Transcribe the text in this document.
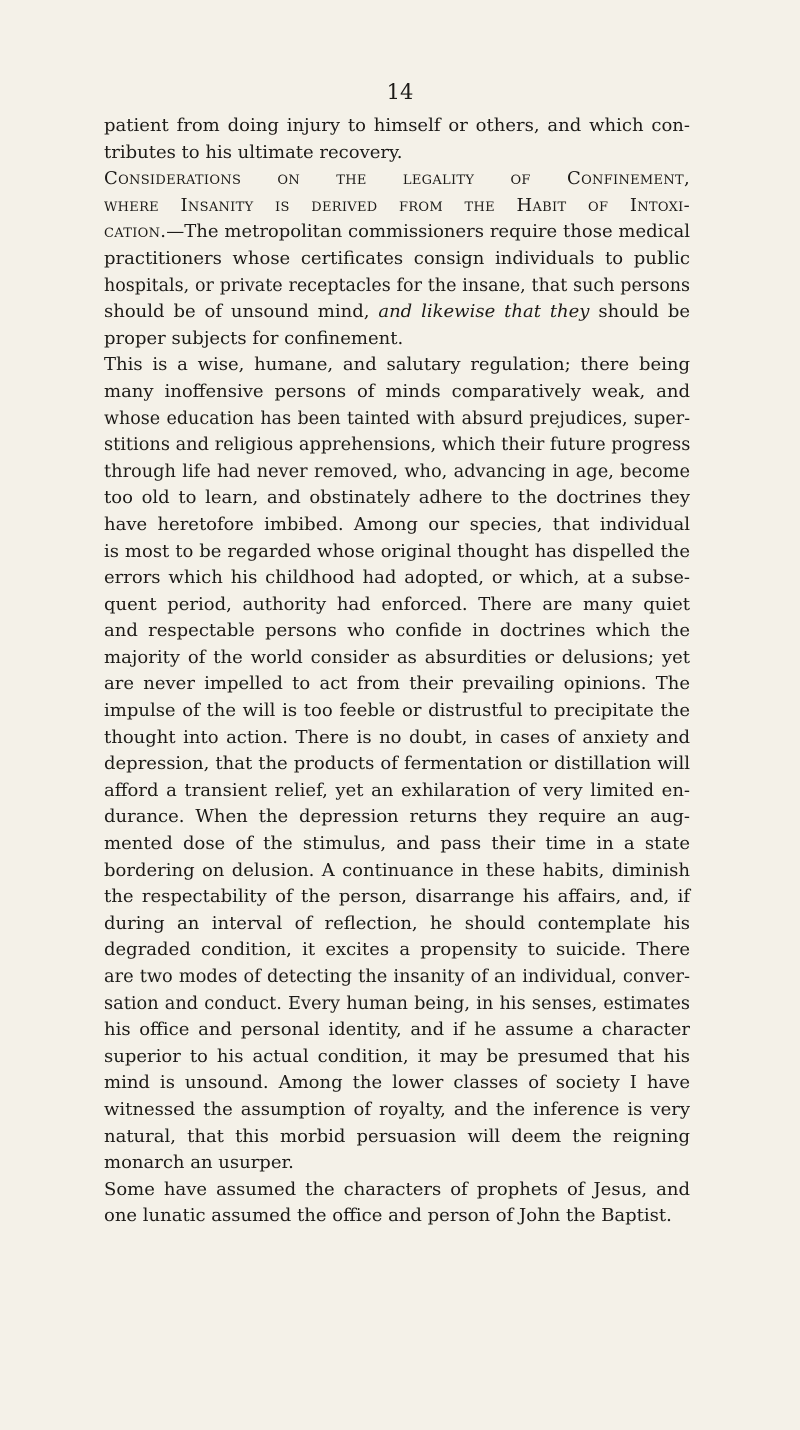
14
patient from doing injury to himself or others, and which con-
tributes to his ultimate recovery.
Considerations on the legality of Confinement,
where Insanity is derived from the Habit of Intoxi-
cation.—The metropolitan commissioners require those medical
practitioners whose certificates consign individuals to public
hospitals, or private receptacles for the insane, that such persons
should be of unsound mind, and likewise that they should be
proper subjects for confinement.
This is a wise, humane, and salutary regulation; there being
many inoffensive persons of minds comparatively weak, and
whose education has been tainted with absurd prejudices, super-
stitions and religious apprehensions, which their future progress
through life had never removed, who, advancing in age, become
too old to learn, and obstinately adhere to the doctrines they
have heretofore imbibed. Among our species, that individual
is most to be regarded whose original thought has dispelled the
errors which his childhood had adopted, or which, at a subse-
quent period, authority had enforced. There are many quiet
and respectable persons who confide in doctrines which the
majority of the world consider as absurdities or delusions; yet
are never impelled to act from their prevailing opinions. The
impulse of the will is too feeble or distrustful to precipitate the
thought into action. There is no doubt, in cases of anxiety and
depression, that the products of fermentation or distillation will
afford a transient relief, yet an exhilaration of very limited en-
durance. When the depression returns they require an aug-
mented dose of the stimulus, and pass their time in a state
bordering on delusion. A continuance in these habits, diminish
the respectability of the person, disarrange his affairs, and, if
during an interval of reflection, he should contemplate his
degraded condition, it excites a propensity to suicide. There
are two modes of detecting the insanity of an individual, conver-
sation and conduct. Every human being, in his senses, estimates
his office and personal identity, and if he assume a character
superior to his actual condition, it may be presumed that his
mind is unsound. Among the lower classes of society I have
witnessed the assumption of royalty, and the inference is very
natural, that this morbid persuasion will deem the reigning
monarch an usurper.
Some have assumed the characters of prophets of Jesus, and
one lunatic assumed the office and person of John the Baptist.
